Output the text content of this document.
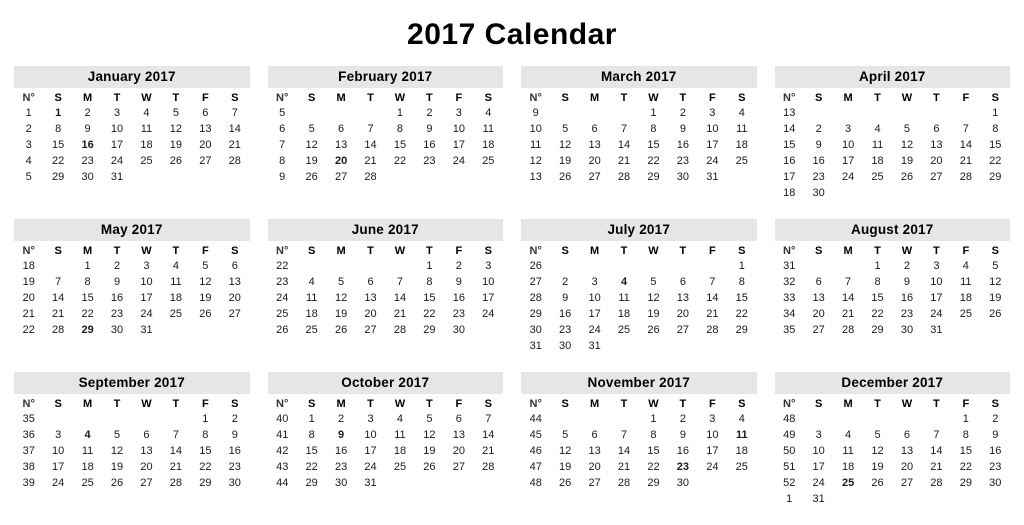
2017 Calendar
January 2017
N°	S	M	T	W	T	F	S
1	1	2	3	4	5	6	7
2	8	9	10	11	12	13	14
3	15	16	17	18	19	20	21
4	22	23	24	25	26	27	28
5	29	30	31				
February 2017
N°	S	M	T	W	T	F	S
5				1	2	3	4
6	5	6	7	8	9	10	11
7	12	13	14	15	16	17	18
8	19	20	21	22	23	24	25
9	26	27	28				
March 2017
N°	S	M	T	W	T	F	S
9				1	2	3	4
10	5	6	7	8	9	10	11
11	12	13	14	15	16	17	18
12	19	20	21	22	23	24	25
13	26	27	28	29	30	31	
April 2017
N°	S	M	T	W	T	F	S
13							1
14	2	3	4	5	6	7	8
15	9	10	11	12	13	14	15
16	16	17	18	19	20	21	22
17	23	24	25	26	27	28	29
18	30						
May 2017
N°	S	M	T	W	T	F	S
18		1	2	3	4	5	6
19	7	8	9	10	11	12	13
20	14	15	16	17	18	19	20
21	21	22	23	24	25	26	27
22	28	29	30	31			
June 2017
N°	S	M	T	W	T	F	S
22					1	2	3
23	4	5	6	7	8	9	10
24	11	12	13	14	15	16	17
25	18	19	20	21	22	23	24
26	25	26	27	28	29	30	
July 2017
N°	S	M	T	W	T	F	S
26							1
27	2	3	4	5	6	7	8
28	9	10	11	12	13	14	15
29	16	17	18	19	20	21	22
30	23	24	25	26	27	28	29
31	30	31					
August 2017
N°	S	M	T	W	T	F	S
31			1	2	3	4	5
32	6	7	8	9	10	11	12
33	13	14	15	16	17	18	19
34	20	21	22	23	24	25	26
35	27	28	29	30	31		
September 2017
N°	S	M	T	W	T	F	S
35						1	2
36	3	4	5	6	7	8	9
37	10	11	12	13	14	15	16
38	17	18	19	20	21	22	23
39	24	25	26	27	28	29	30
October 2017
N°	S	M	T	W	T	F	S
40	1	2	3	4	5	6	7
41	8	9	10	11	12	13	14
42	15	16	17	18	19	20	21
43	22	23	24	25	26	27	28
44	29	30	31				
November 2017
N°	S	M	T	W	T	F	S
44				1	2	3	4
45	5	6	7	8	9	10	11
46	12	13	14	15	16	17	18
47	19	20	21	22	23	24	25
48	26	27	28	29	30		
December 2017
N°	S	M	T	W	T	F	S
48						1	2
49	3	4	5	6	7	8	9
50	10	11	12	13	14	15	16
51	17	18	19	20	21	22	23
52	24	25	26	27	28	29	30
1	31						
